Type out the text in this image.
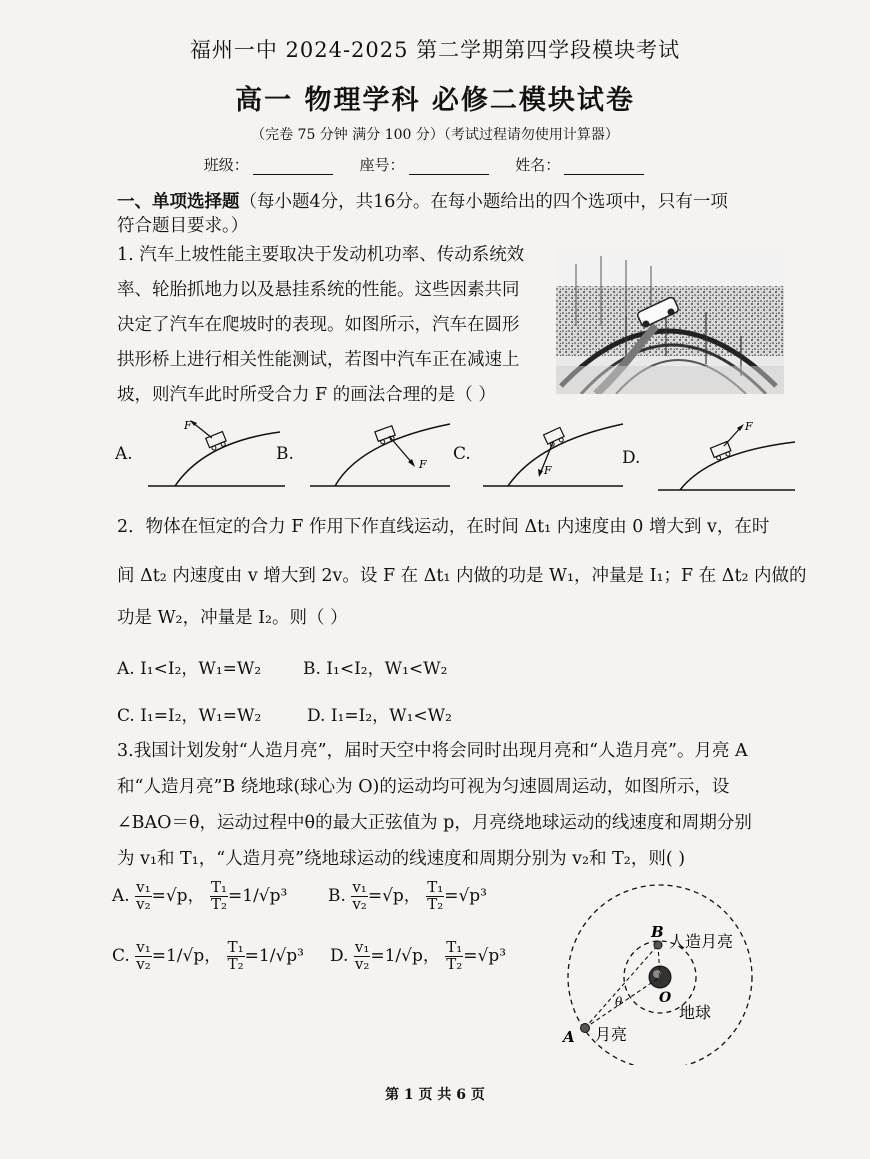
福州一中 2024-2025 第二学期第四学段模块考试
高一 物理学科 必修二模块试卷
（完卷 75 分钟 满分 100 分）（考试过程请勿使用计算器）
班级：	座号：	姓名：
一、单项选择题（每小题4分，共16分。在每小题给出的四个选项中，只有一项
符合题目要求。）
1. 汽车上坡性能主要取决于发动机功率、传动系统效
率、轮胎抓地力以及悬挂系统的性能。这些因素共同
决定了汽车在爬坡时的表现。如图所示，汽车在圆形
拱形桥上进行相关性能测试，若图中汽车正在减速上
坡，则汽车此时所受合力 F 的画法合理的是（ ）
A.	B.	C.	D.
F
F	F
F
2．物体在恒定的合力 F 作用下作直线运动，在时间 Δt₁ 内速度由 0 增大到 v，在时
间 Δt₂ 内速度由 v 增大到 2v。设 F 在 Δt₁ 内做的功是 W₁，冲量是 I₁；F 在 Δt₂ 内做的
功是 W₂，冲量是 I₂。则（ ）
A. I₁<I₂，W₁=W₂ B. I₁<I₂，W₁<W₂
C. I₁=I₂，W₁=W₂	D. I₁=I₂，W₁<W₂
3.我国计划发射“人造月亮”，届时天空中将会同时出现月亮和“人造月亮”。月亮 A
和“人造月亮”B 绕地球(球心为 O)的运动均可视为匀速圆周运动，如图所示，设
∠BAO＝θ，运动过程中θ的最大正弦值为 p，月亮绕地球运动的线速度和周期分别
为 v₁和 T₁，“人造月亮”绕地球运动的线速度和周期分别为 v₂和 T₂，则( )
A. $\frac{\text{v₁}}{\text{v₂}} =√p$， $\frac{\text{T₁}}{\text{T₂}} =1/√p^3$ B. $\frac{\text{v₁}}{\text{v₂}} =√p$， $\frac{\text{T₁}}{\text{T₂}} =√p^3$
C. $\frac{\text{v₁}}{\text{v₂}} =1/√p$， $\frac{\text{T₁}}{\text{T₂}} =1/√p^3$ D. $\frac{\text{v₁}}{\text{v₂}} =1/√p$， $\frac{\text{T₁}}{\text{T₂}} =√p^3$
B 人造月亮
O
地球
θ
A 月亮
第 1 页 共 6 页
